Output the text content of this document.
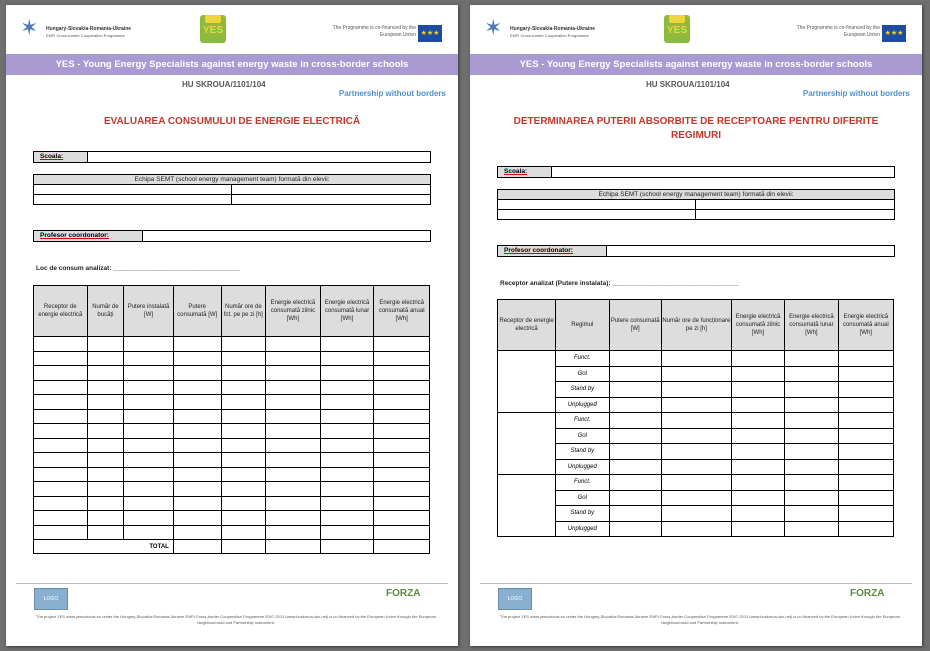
✶ Hungary-Slovakia-Romania-Ukraine
ENPI Cross-border Cooperation Programme	YES	The Programme is co-financed by the European Union ★★★
YES - Young Energy Specialists against energy waste in cross-border schools
HU SKROUA/1101/104
Partnership without borders
EVALUAREA CONSUMULUI DE ENERGIE ELECTRICĂ
Scoala:
Echipa SEMT (school energy management team) formată din elevii:
Profesor coordonator:
Loc de consum analizat: ___________________________________
Receptor de energie electrică	Număr de bucăți	Putere instalată [W]	Putere consumată [W]	Număr ore de fct. pe pe zi [h]	Energie electrică consumată zilnic [Wh]	Energie electrică consumată lunar [Wh]	Energie electrică consumată anual [Wh]

TOTAL							
LOGO	FORZA
The project YES www.yesschools.eu under the Hungary-Slovakia-Romania-Ukraine ENPI Cross-border Cooperation Programme 2007-2013 (www.huskroua-cbc.net) is co-financed by the European Union through the European Neighbourhood and Partnership Instrument.
✶ Hungary-Slovakia-Romania-Ukraine
ENPI Cross-border Cooperation Programme	YES	The Programme is co-financed by the European Union ★★★
YES - Young Energy Specialists against energy waste in cross-border schools
HU SKROUA/1101/104
Partnership without borders
DETERMINAREA PUTERII ABSORBITE DE RECEPTOARE PENTRU DIFERITE REGIMURI
Scoala:
Echipa SEMT (school energy management team) formată din elevii:
Profesor coordonator:
Receptor analizat (Putere instalata): ___________________________________
Receptor de energie electrică	Regimul	Putere consumată [W]	Număr ore de funcționare pe zi [h]	Energie electrică consumată zilnic [Wh]	Energie electrică consumată lunar [Wh]	Energie electrică consumată anual [Wh]
	Funct.					
	Gol					
	Stand by					
	Unplugged					
	Funct.					
	Gol					
	Stand by					
	Unplugged					
	Funct.					
	Gol					
	Stand by					
	Unplugged					
LOGO	FORZA
The project YES www.yesschools.eu under the Hungary-Slovakia-Romania-Ukraine ENPI Cross-border Cooperation Programme 2007-2013 (www.huskroua-cbc.net) is co-financed by the European Union through the European Neighbourhood and Partnership Instrument.
